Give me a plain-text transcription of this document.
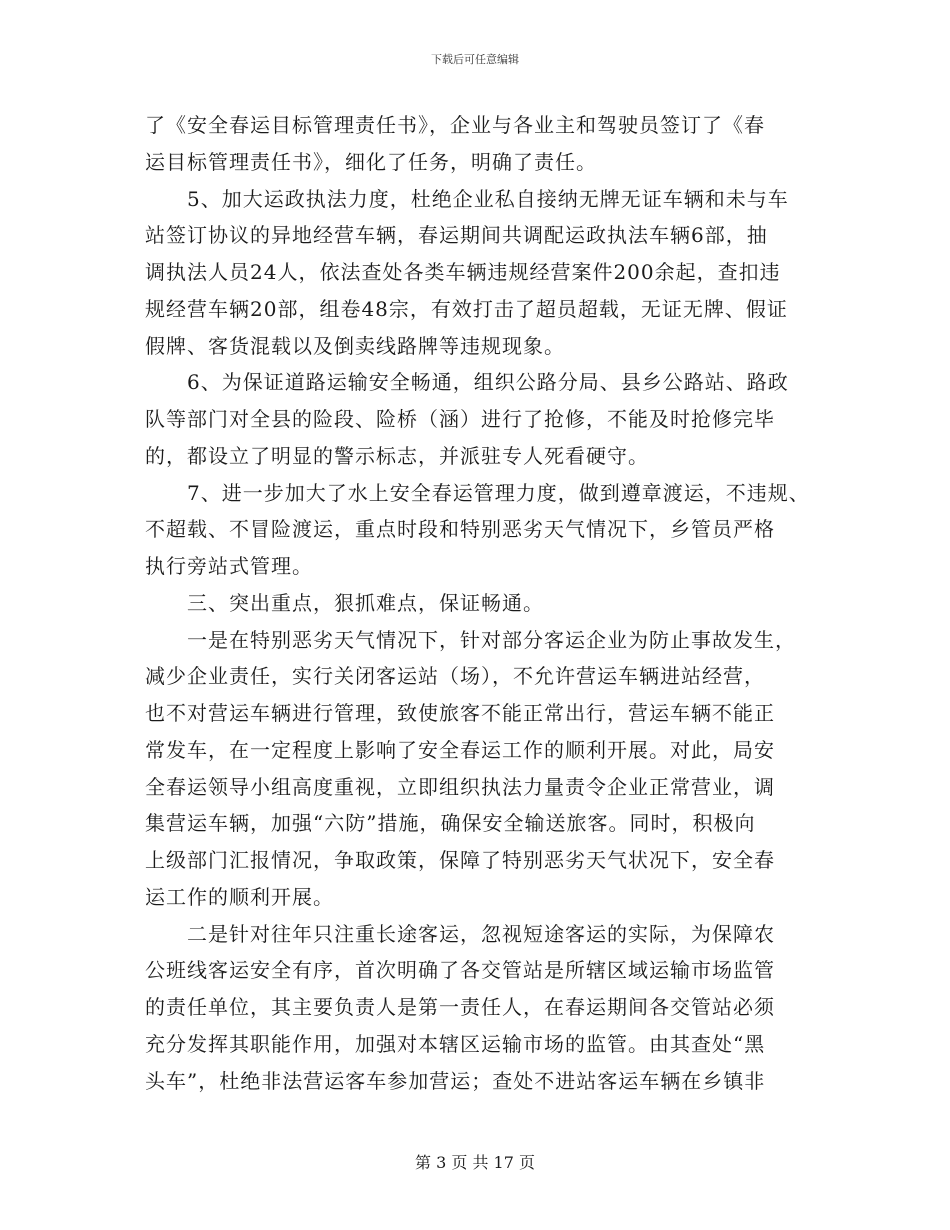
下载后可任意编辑
了《安全春运目标管理责任书》，企业与各业主和驾驶员签订了《春
运目标管理责任书》，细化了任务，明确了责任。
5、加大运政执法力度，杜绝企业私自接纳无牌无证车辆和未与车
站签订协议的异地经营车辆，春运期间共调配运政执法车辆6部，抽
调执法人员24人，依法查处各类车辆违规经营案件200余起，查扣违
规经营车辆20部，组卷48宗，有效打击了超员超载，无证无牌、假证
假牌、客货混载以及倒卖线路牌等违规现象。
6、为保证道路运输安全畅通，组织公路分局、县乡公路站、路政
队等部门对全县的险段、险桥（涵）进行了抢修，不能及时抢修完毕
的，都设立了明显的警示标志，并派驻专人死看硬守。
7、进一步加大了水上安全春运管理力度，做到遵章渡运，不违规、
不超载、不冒险渡运，重点时段和特别恶劣天气情况下，乡管员严格
执行旁站式管理。
三、突出重点，狠抓难点，保证畅通。
一是在特别恶劣天气情况下，针对部分客运企业为防止事故发生，
减少企业责任，实行关闭客运站（场），不允许营运车辆进站经营，
也不对营运车辆进行管理，致使旅客不能正常出行，营运车辆不能正
常发车，在一定程度上影响了安全春运工作的顺利开展。对此，局安
全春运领导小组高度重视，立即组织执法力量责令企业正常营业，调
集营运车辆，加强“六防”措施，确保安全输送旅客。同时，积极向
上级部门汇报情况，争取政策，保障了特别恶劣天气状况下，安全春
运工作的顺利开展。
二是针对往年只注重长途客运，忽视短途客运的实际，为保障农
公班线客运安全有序，首次明确了各交管站是所辖区域运输市场监管
的责任单位，其主要负责人是第一责任人，在春运期间各交管站必须
充分发挥其职能作用，加强对本辖区运输市场的监管。由其查处“黑
头车”，杜绝非法营运客车参加营运；查处不进站客运车辆在乡镇非
第 3 页 共 17 页
